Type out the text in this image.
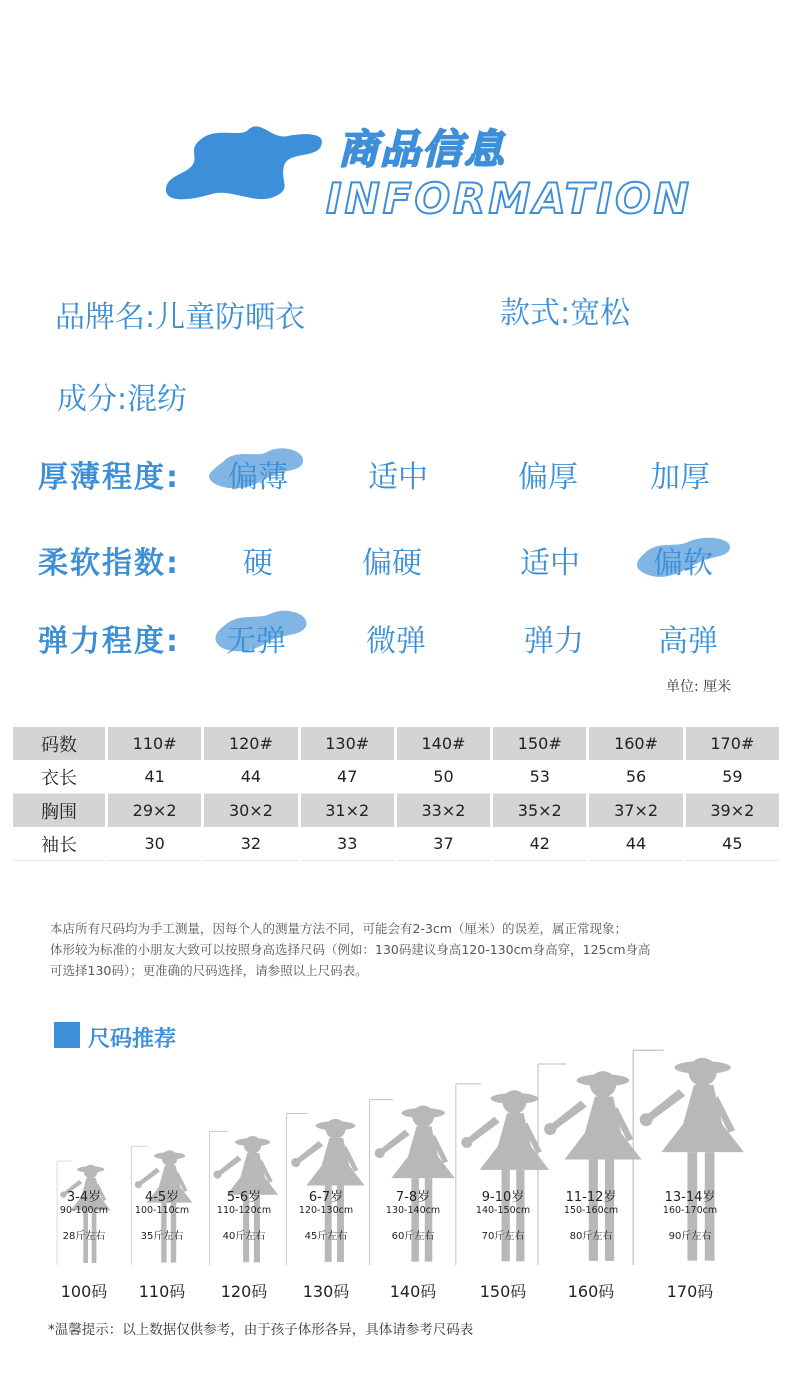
商品信息
INFORMATION
品牌名:儿童防晒衣	款式:宽松
成分:混纺
厚薄程度: 偏薄	适中	偏厚 加厚
柔软指数: 硬	偏硬	适中 偏软
弹力程度: 无弹	微弹	弹力 高弹
单位: 厘米
码数	110#	120#	130#	140#	150#	160#	170#
衣长	41	44	47	50	53	56	59
胸围	29×2	30×2	31×2	33×2	35×2	37×2	39×2
袖长	30	32	33	37	42	44	45
本店所有尺码均为手工测量，因每个人的测量方法不同，可能会有2-3cm（厘米）的误差，属正常现象；
体形较为标准的小朋友大致可以按照身高选择尺码（例如：130码建议身高120-130cm身高穿，125cm身高
可选择130码）；更准确的尺码选择，请参照以上尺码表。
尺码推荐
3-4岁
90-100cm
28斤左右
100码
4-5岁
100-110cm
35斤左右
110码
5-6岁
110-120cm
40斤左右
120码
6-7岁
120-130cm
45斤左右
130码
7-8岁
130-140cm
60斤左右
140码
9-10岁
140-150cm
70斤左右
150码
11-12岁
150-160cm
80斤左右
160码
13-14岁
160-170cm
90斤左右
170码
*温馨提示：以上数据仅供参考，由于孩子体形各异，具体请参考尺码表
